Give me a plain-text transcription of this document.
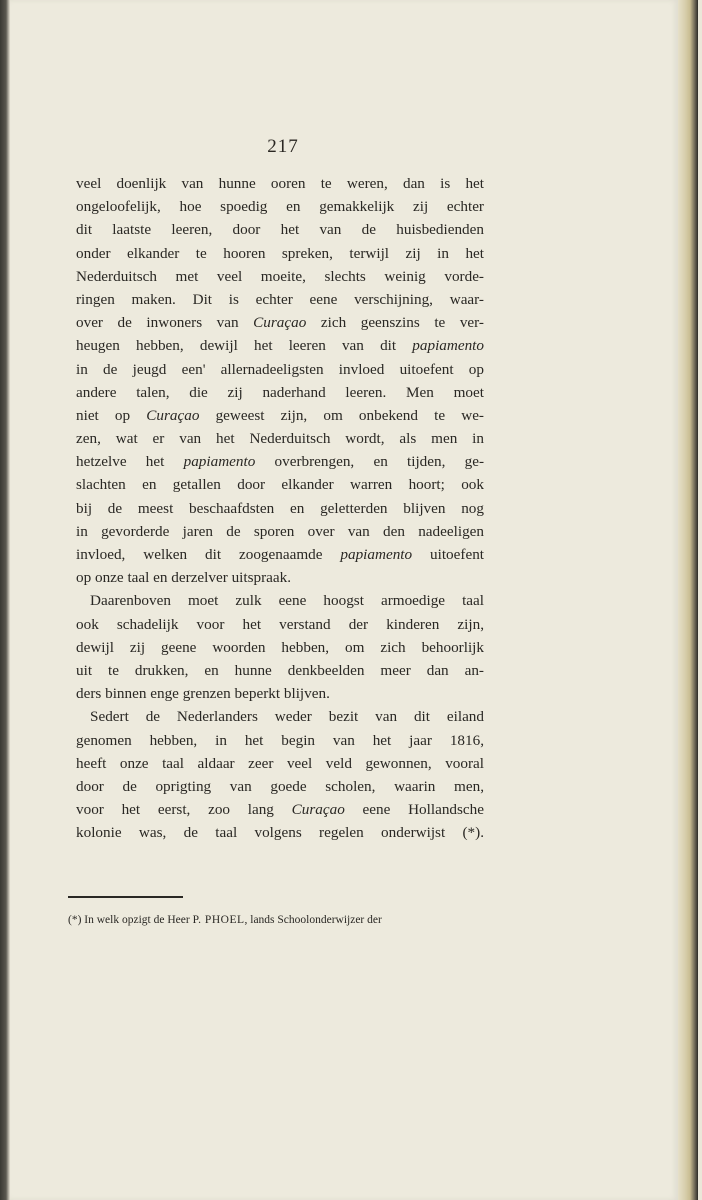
217
veel doenlijk van hunne ooren te weren, dan is het
ongeloofelijk, hoe spoedig en gemakkelijk zij echter
dit laatste leeren, door het van de huisbedienden
onder elkander te hooren spreken, terwijl zij in het
Nederduitsch met veel moeite, slechts weinig vorde-
ringen maken. Dit is echter eene verschijning, waar-
over de inwoners van Curaçao zich geenszins te ver-
heugen hebben, dewijl het leeren van dit papiamento
in de jeugd een' allernadeeligsten invloed uitoefent op
andere talen, die zij naderhand leeren. Men moet
niet op Curaçao geweest zijn, om onbekend te we-
zen, wat er van het Nederduitsch wordt, als men in
hetzelve het papiamento overbrengen, en tijden, ge-
slachten en getallen door elkander warren hoort; ook
bij de meest beschaafdsten en geletterden blijven nog
in gevorderde jaren de sporen over van den nadeeligen
invloed, welken dit zoogenaamde papiamento uitoefent
op onze taal en derzelver uitspraak.
Daarenboven moet zulk eene hoogst armoedige taal
ook schadelijk voor het verstand der kinderen zijn,
dewijl zij geene woorden hebben, om zich behoorlijk
uit te drukken, en hunne denkbeelden meer dan an-
ders binnen enge grenzen beperkt blijven.
Sedert de Nederlanders weder bezit van dit eiland
genomen hebben, in het begin van het jaar 1816,
heeft onze taal aldaar zeer veel veld gewonnen, vooral
door de oprigting van goede scholen, waarin men,
voor het eerst, zoo lang Curaçao eene Hollandsche
kolonie was, de taal volgens regelen onderwijst (*).
(*) In welk opzigt de Heer P. PHOEL, lands Schoolonderwijzer der
